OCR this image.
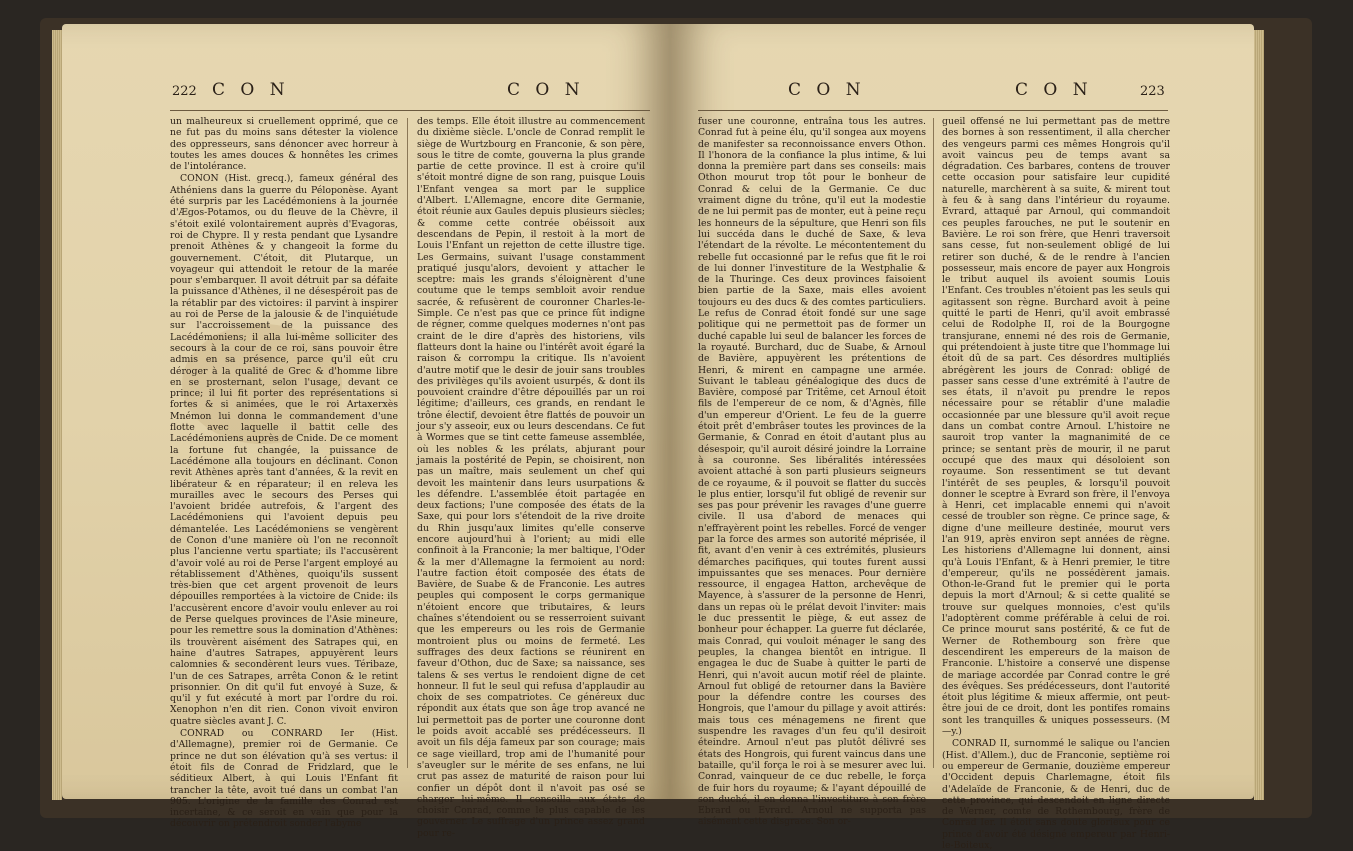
222 C O N	C O N

un malheureux si cruellement opprimé, que ce ne fut pas du moins sans détester la violence des oppresseurs, sans dénoncer avec horreur à toutes les ames douces & honnêtes les crimes de l'intolérance.

CONON (Hist. grecq.), fameux général des Athéniens dans la guerre du Péloponèse. Ayant été surpris par les Lacédémoniens à la journée d'Ægos-Potamos, ou du fleuve de la Chèvre, il s'étoit exilé volontairement auprès d'Evagoras, roi de Chypre. Il y resta pendant que Lysandre prenoit Athènes & y changeoit la forme du gouvernement. C'étoit, dit Plutarque, un voyageur qui attendoit le retour de la marée pour s'embarquer. Il avoit détruit par sa défaite la puissance d'Athènes, il ne désespéroit pas de la rétablir par des victoires: il parvint à inspirer au roi de Perse de la jalousie & de l'inquiétude sur l'accroissement de la puissance des Lacédémoniens; il alla lui-même solliciter des secours à la cour de ce roi, sans pouvoir être admis en sa présence, parce qu'il eût cru déroger à la qualité de Grec & d'homme libre en se prosternant, selon l'usage, devant ce prince; il lui fit porter des représentations si fortes & si animées, que le roi Artaxerxès Mnémon lui donna le commandement d'une flotte avec laquelle il battit celle des Lacédémoniens auprès de Cnide. De ce moment la fortune fut changée, la puissance de Lacédémone alla toujours en déclinant. Conon revit Athènes après tant d'années, & la revit en libérateur & en réparateur; il en releva les murailles avec le secours des Perses qui l'avoient bridée autrefois, & l'argent des Lacédémoniens qui l'avoient depuis peu démantelée. Les Lacédémoniens se vengèrent de Conon d'une manière où l'on ne reconnoît plus l'ancienne vertu spartiate; ils l'accusèrent d'avoir volé au roi de Perse l'argent employé au rétablissement d'Athènes, quoiqu'ils sussent très-bien que cet argent provenoit de leurs dépouilles remportées à la victoire de Cnide: ils l'accusèrent encore d'avoir voulu enlever au roi de Perse quelques provinces de l'Asie mineure, pour les remettre sous la domination d'Athènes: ils trouvèrent aisément des Satrapes qui, en haine d'autres Satrapes, appuyèrent leurs calomnies & secondèrent leurs vues. Téribaze, l'un de ces Satrapes, arrêta Conon & le retint prisonnier. On dit qu'il fut envoyé à Suze, & qu'il y fut exécuté à mort par l'ordre du roi. Xenophon n'en dit rien. Conon vivoit environ quatre siècles avant J. C.

CONRAD ou CONRARD Ier (Hist. d'Allemagne), premier roi de Germanie. Ce prince ne dut son élévation qu'à ses vertus: il étoit fils de Conrad de Fridzlard, que le séditieux Albert, à qui Louis l'Enfant fit trancher la tête, avoit tué dans un combat l'an 905. L'origine de la famille des Conrad est incertaine, & ce seroit en vain que pour la découvrir on prétendroit sonder l'abyme

des temps. Elle étoit illustre au commencement du dixième siècle. L'oncle de Conrad remplit le siège de Wurtzbourg en Franconie, & son père, sous le titre de comte, gouverna la plus grande partie de cette province. Il est à croire qu'il s'étoit montré digne de son rang, puisque Louis l'Enfant vengea sa mort par le supplice d'Albert. L'Allemagne, encore dite Germanie, étoit réunie aux Gaules depuis plusieurs siècles; & comme cette contrée obéissoit aux descendans de Pepin, il restoit à la mort de Louis l'Enfant un rejetton de cette illustre tige. Les Germains, suivant l'usage constamment pratiqué jusqu'alors, devoient y attacher le sceptre: mais les grands s'éloignèrent d'une coutume que le temps sembloit avoir rendue sacrée, & refusèrent de couronner Charles-le-Simple. Ce n'est pas que ce prince fût indigne de régner, comme quelques modernes n'ont pas craint de le dire d'après des historiens, vils flatteurs dont la haine ou l'intérêt avoit égaré la raison & corrompu la critique. Ils n'avoient d'autre motif que le desir de jouir sans troubles des privilèges qu'ils avoient usurpés, & dont ils pouvoient craindre d'être dépouillés par un roi légitime; d'ailleurs, ces grands, en rendant le trône électif, devoient être flattés de pouvoir un jour s'y asseoir, eux ou leurs descendans. Ce fut à Wormes que se tint cette fameuse assemblée, où les nobles & les prélats, abjurant pour jamais la postérité de Pepin, se choisirent, non pas un maître, mais seulement un chef qui devoit les maintenir dans leurs usurpations & les défendre. L'assemblée étoit partagée en deux factions; l'une composée des états de la Saxe, qui pour lors s'étendoit de la rive droite du Rhin jusqu'aux limites qu'elle conserve encore aujourd'hui à l'orient; au midi elle confinoit à la Franconie; la mer baltique, l'Oder & la mer d'Allemagne la fermoient au nord: l'autre faction étoit composée des états de Bavière, de Suabe & de Franconie. Les autres peuples qui composent le corps germanique n'étoient encore que tributaires, & leurs chaînes s'étendoient ou se resserroient suivant que les empereurs ou les rois de Germanie montroient plus ou moins de fermeté. Les suffrages des deux factions se réunirent en faveur d'Othon, duc de Saxe; sa naissance, ses talens & ses vertus le rendoient digne de cet honneur. Il fut le seul qui refusa d'applaudir au choix de ses compatriotes. Ce généreux duc répondit aux états que son âge trop avancé ne lui permettoit pas de porter une couronne dont le poids avoit accablé ses prédécesseurs. Il avoit un fils déja fameux par son courage; mais ce sage vieillard, trop ami de l'humanité pour s'aveugler sur le mérite de ses enfans, ne lui crut pas assez de maturité de raison pour lui confier un dépôt dont il n'avoit pas osé se charger lui-même. Il conseilla aux états de choisir Conrad, comme le plus capable de les gouverner. Le suffrage d'un prince assez grand pour re-

C O N	C O N	223

fuser une couronne, entraîna tous les autres. Conrad fut à peine élu, qu'il songea aux moyens de manifester sa reconnoissance envers Othon. Il l'honora de la confiance la plus intime, & lui donna la première part dans ses conseils: mais Othon mourut trop tôt pour le bonheur de Conrad & celui de la Germanie. Ce duc vraiment digne du trône, qu'il eut la modestie de ne lui permit pas de monter, eut à peine reçu les honneurs de la sépulture, que Henri son fils lui succéda dans le duché de Saxe, & leva l'étendart de la révolte. Le mécontentement du rebelle fut occasionné par le refus que fit le roi de lui donner l'investiture de la Westphalie & de la Thuringe. Ces deux provinces faisoient bien partie de la Saxe, mais elles avoient toujours eu des ducs & des comtes particuliers. Le refus de Conrad étoit fondé sur une sage politique qui ne permettoit pas de former un duché capable lui seul de balancer les forces de la royauté. Burchard, duc de Suabe, & Arnoul de Bavière, appuyèrent les prétentions de Henri, & mirent en campagne une armée. Suivant le tableau généalogique des ducs de Bavière, composé par Tritême, cet Arnoul étoit fils de l'empereur de ce nom, & d'Agnès, fille d'un empereur d'Orient. Le feu de la guerre étoit prêt d'embrâser toutes les provinces de la Germanie, & Conrad en étoit d'autant plus au désespoir, qu'il auroit désiré joindre la Lorraine à sa couronne. Ses libéralités intéressées avoient attaché à son parti plusieurs seigneurs de ce royaume, & il pouvoit se flatter du succès le plus entier, lorsqu'il fut obligé de revenir sur ses pas pour prévenir les ravages d'une guerre civile. Il usa d'abord de menaces qui n'effrayèrent point les rebelles. Forcé de venger par la force des armes son autorité méprisée, il fit, avant d'en venir à ces extrémités, plusieurs démarches pacifiques, qui toutes furent aussi impuissantes que ses menaces. Pour dernière ressource, il engagea Hatton, archevêque de Mayence, à s'assurer de la personne de Henri, dans un repas où le prélat devoit l'inviter: mais le duc pressentit le piège, & eut assez de bonheur pour échapper. La guerre fut déclarée, mais Conrad, qui vouloit ménager le sang des peuples, la changea bientôt en intrigue. Il engagea le duc de Suabe à quitter le parti de Henri, qui n'avoit aucun motif réel de plainte. Arnoul fut obligé de retourner dans la Bavière pour la défendre contre les courses des Hongrois, que l'amour du pillage y avoit attirés: mais tous ces ménagemens ne firent que suspendre les ravages d'un feu qu'il desiroit éteindre. Arnoul n'eut pas plutôt délivré ses états des Hongrois, qui furent vaincus dans une bataille, qu'il força le roi à se mesurer avec lui. Conrad, vainqueur de ce duc rebelle, le força de fuir hors du royaume; & l'ayant dépouillé de son duché, il en donna l'investiture à son frère Ebrard ou Evrard. Arnoul ne supporta pas aisément cette disgrace. Son or-

gueil offensé ne lui permettant pas de mettre des bornes à son ressentiment, il alla chercher des vengeurs parmi ces mêmes Hongrois qu'il avoit vaincus peu de temps avant sa dégradation. Ces barbares, contens de trouver cette occasion pour satisfaire leur cupidité naturelle, marchèrent à sa suite, & mirent tout à feu & à sang dans l'intérieur du royaume. Evrard, attaqué par Arnoul, qui commandoit ces peuples farouches, ne put le soutenir en Bavière. Le roi son frère, que Henri traversoit sans cesse, fut non-seulement obligé de lui retirer son duché, & de le rendre à l'ancien possesseur, mais encore de payer aux Hongrois le tribut auquel ils avoient soumis Louis l'Enfant. Ces troubles n'étoient pas les seuls qui agitassent son règne. Burchard avoit à peine quitté le parti de Henri, qu'il avoit embrassé celui de Rodolphe II, roi de la Bourgogne transjurane, ennemi né des rois de Germanie, qui prétendoient à juste titre que l'hommage lui étoit dû de sa part. Ces désordres multipliés abrégèrent les jours de Conrad: obligé de passer sans cesse d'une extrémité à l'autre de ses états, il n'avoit pu prendre le repos nécessaire pour se rétablir d'une maladie occasionnée par une blessure qu'il avoit reçue dans un combat contre Arnoul. L'histoire ne sauroit trop vanter la magnanimité de ce prince; se sentant près de mourir, il ne parut occupé que des maux qui désoloient son royaume. Son ressentiment se tut devant l'intérêt de ses peuples, & lorsqu'il pouvoit donner le sceptre à Evrard son frère, il l'envoya à Henri, cet implacable ennemi qui n'avoit cessé de troubler son règne. Ce prince sage, & digne d'une meilleure destinée, mourut vers l'an 919, après environ sept années de règne. Les historiens d'Allemagne lui donnent, ainsi qu'à Louis l'Enfant, & à Henri premier, le titre d'empereur, qu'ils ne possédèrent jamais. Othon-le-Grand fut le premier qui le porta depuis la mort d'Arnoul; & si cette qualité se trouve sur quelques monnoies, c'est qu'ils l'adoptèrent comme préférable à celui de roi. Ce prince mourut sans postérité, & ce fut de Werner de Rothembourg son frère que descendirent les empereurs de la maison de Franconie. L'histoire a conservé une dispense de mariage accordée par Conrad contre le gré des évêques. Ses prédécesseurs, dont l'autorité étoit plus légitime & mieux affermie, ont peut-être joui de ce droit, dont les pontifes romains sont les tranquilles & uniques possesseurs. (M—y.)

CONRAD II, surnommé le salique ou l'ancien (Hist. d'Allem.), duc de Franconie, septième roi ou empereur de Germanie, douzième empereur d'Occident depuis Charlemagne, étoit fils d'Adelaïde de Franconie, & de Henri, duc de cette province, qui descendoit en ligne directe de Werner, comte de Rothembourg, frère de Conrad Ier. Il étoit sans doute glorieux pour ce prince d'avoir été désigné empereur par Henri-le-Boiteux,
